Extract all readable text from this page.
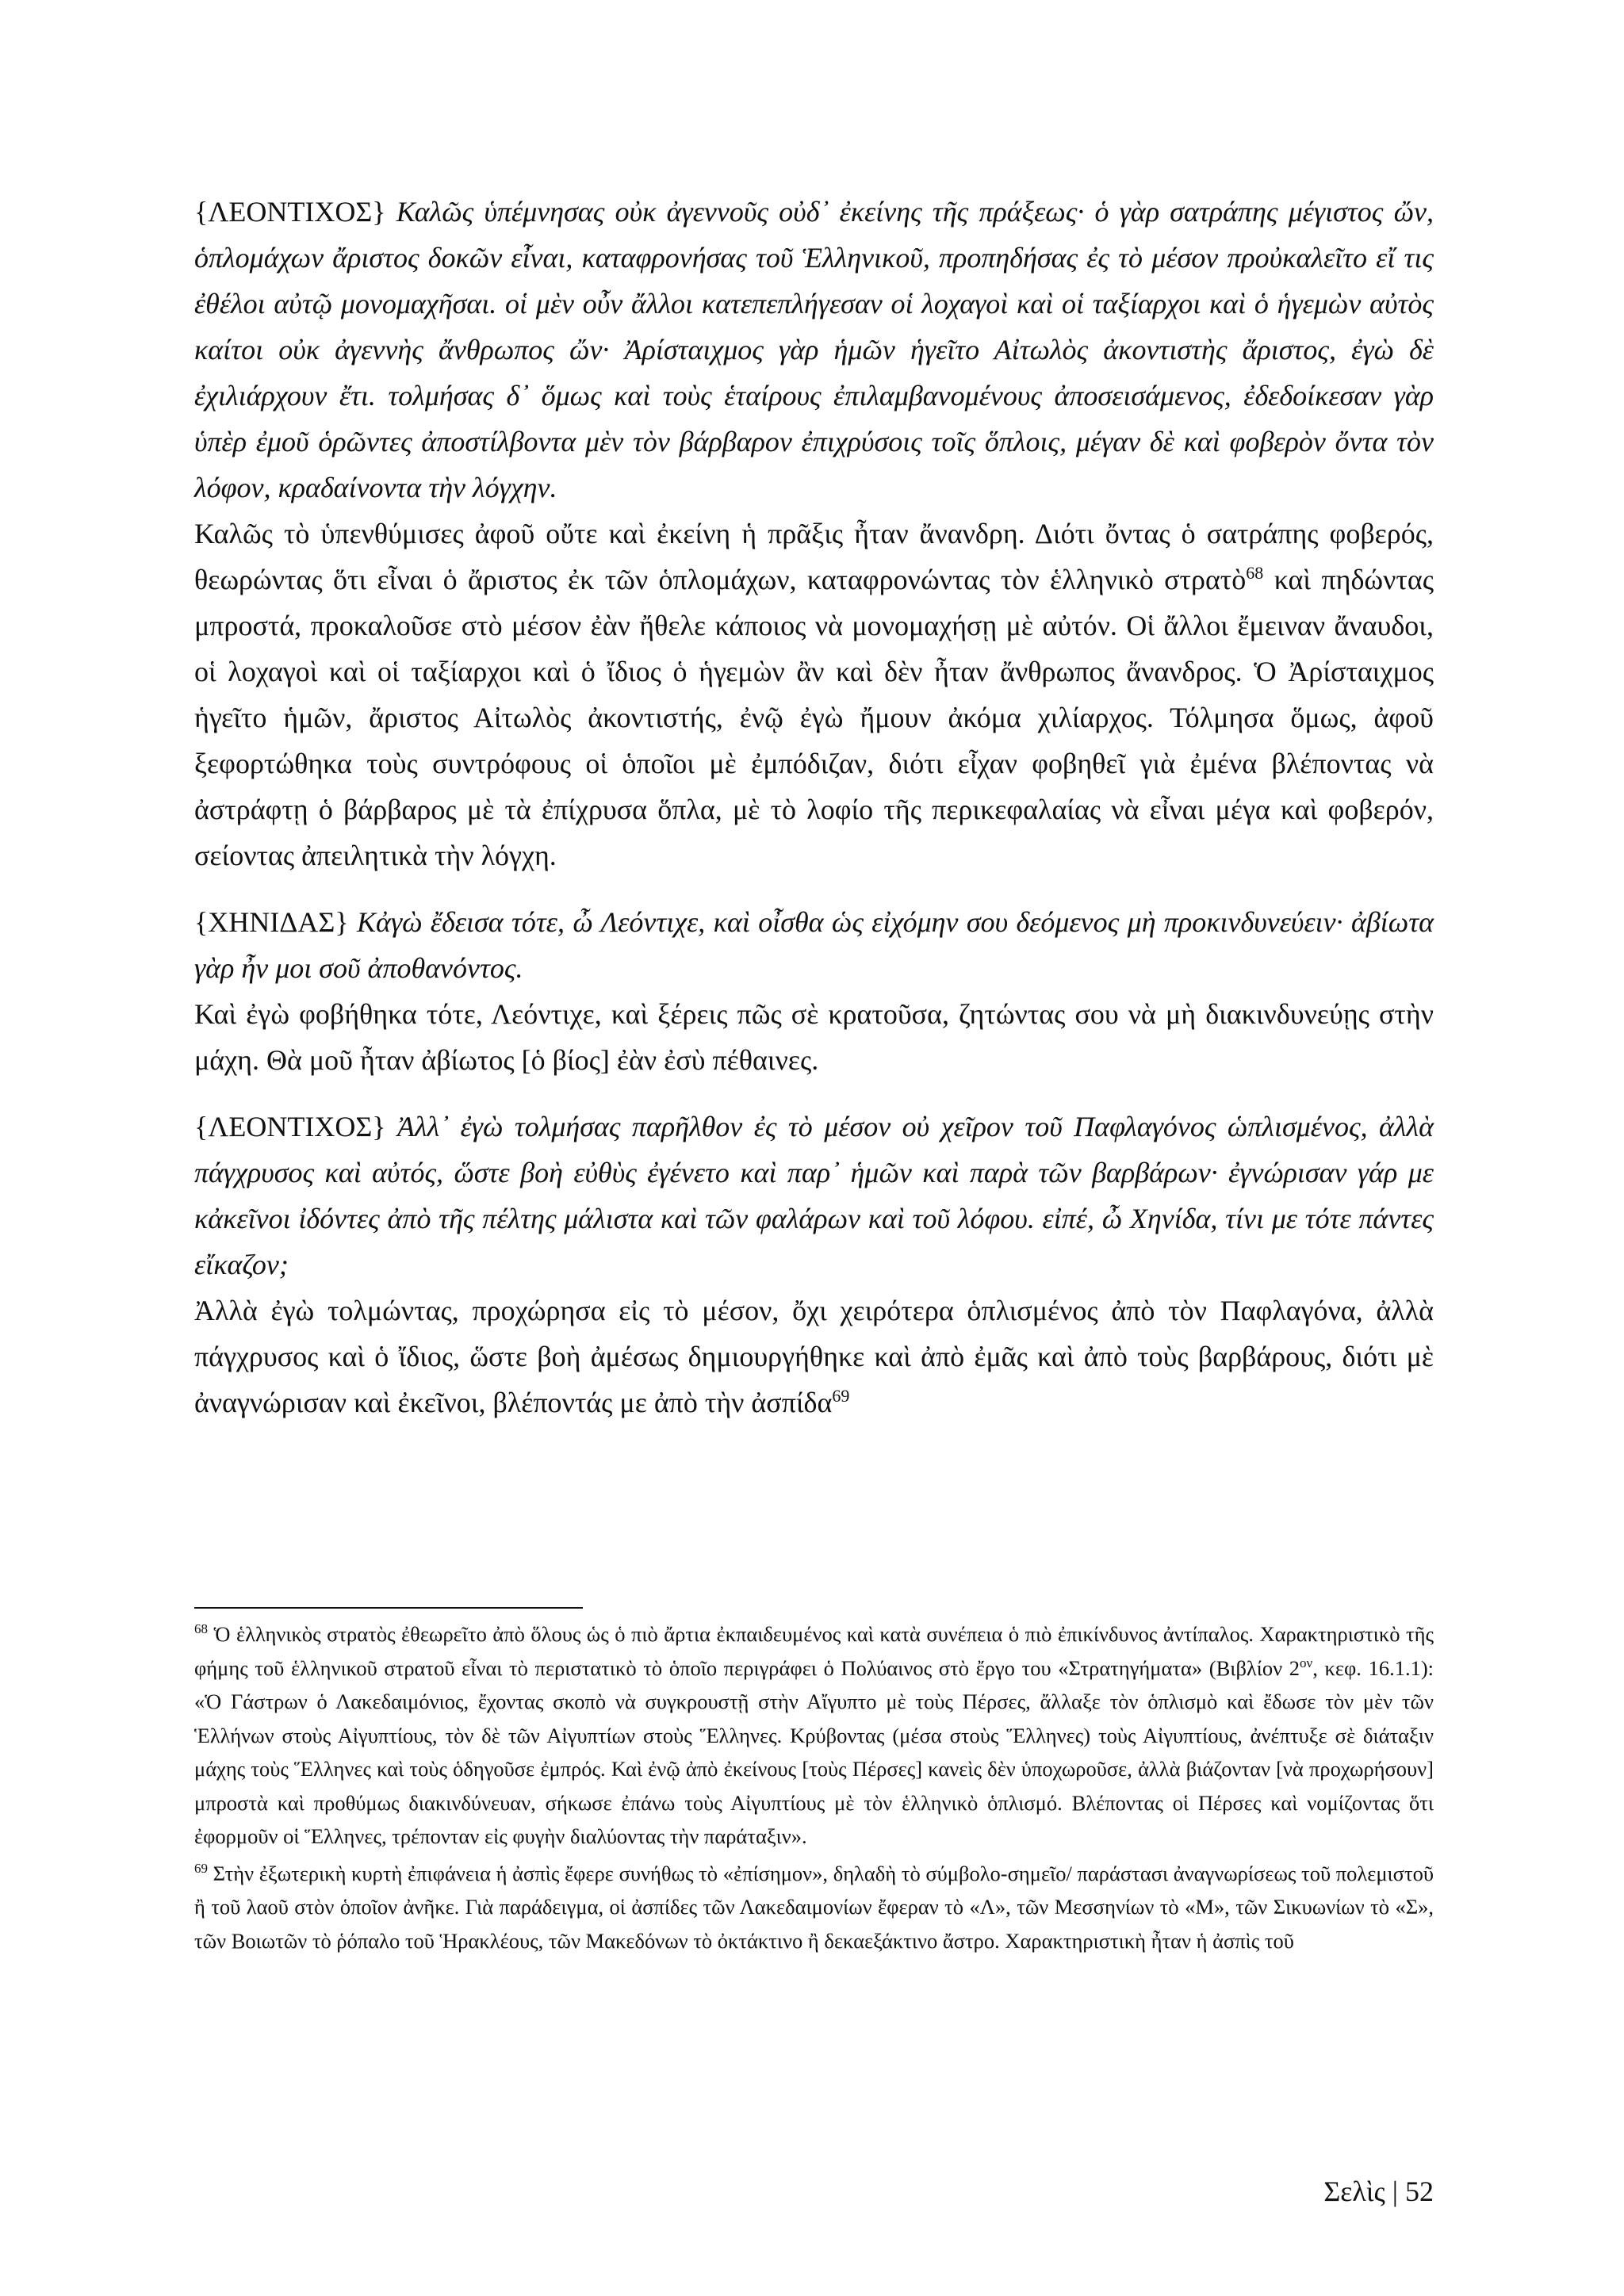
{ΛΕΟΝΤΙΧΟΣ} Καλῶς ὑπέμνησας οὐκ ἀγεννοῦς οὐδ᾽ ἐκείνης τῆς πράξεως· ὁ γὰρ σατράπης μέγιστος ὤν, ὁπλομάχων ἄριστος δοκῶν εἶναι, καταφρονήσας τοῦ Ἑλληνικοῦ, προπηδήσας ἐς τὸ μέσον προὐκαλεῖτο εἴ τις ἐθέλοι αὐτῷ μονομαχῆσαι. οἱ μὲν οὖν ἄλλοι κατεπεπλήγεσαν οἱ λοχαγοὶ καὶ οἱ ταξίαρχοι καὶ ὁ ἡγεμὼν αὐτὸς καίτοι οὐκ ἀγεννὴς ἄνθρωπος ὤν· Ἀρίσταιχμος γὰρ ἡμῶν ἡγεῖτο Αἰτωλὸς ἀκοντιστὴς ἄριστος, ἐγὼ δὲ ἐχιλιάρχουν ἔτι. τολμήσας δ᾽ ὅμως καὶ τοὺς ἑταίρους ἐπιλαμβανομένους ἀποσεισάμενος, ἐδεδοίκεσαν γὰρ ὑπὲρ ἐμοῦ ὁρῶντες ἀποστίλβοντα μὲν τὸν βάρβαρον ἐπιχρύσοις τοῖς ὅπλοις, μέγαν δὲ καὶ φοβερὸν ὄντα τὸν λόφον, κραδαίνοντα τὴν λόγχην.

Καλῶς τὸ ὑπενθύμισες ἀφοῦ οὔτε καὶ ἐκείνη ἡ πρᾶξις ἦταν ἄνανδρη. Διότι ὄντας ὁ σατράπης φοβερός, θεωρώντας ὅτι εἶναι ὁ ἄριστος ἐκ τῶν ὁπλομάχων, καταφρονώντας τὸν ἑλληνικὸ στρατὸ$^{68}$ καὶ πηδώντας μπροστά, προκαλοῦσε στὸ μέσον ἐὰν ἤθελε κάποιος νὰ μονομαχήσῃ μὲ αὐτόν. Οἱ ἄλλοι ἔμειναν ἄναυδοι, οἱ λοχαγοὶ καὶ οἱ ταξίαρχοι καὶ ὁ ἴδιος ὁ ἡγεμὼν ἂν καὶ δὲν ἦταν ἄνθρωπος ἄνανδρος. Ὁ Ἀρίσταιχμος ἡγεῖτο ἡμῶν, ἄριστος Αἰτωλὸς ἀκοντιστής, ἐνῷ ἐγὼ ἤμουν ἀκόμα χιλίαρχος. Τόλμησα ὅμως, ἀφοῦ ξεφορτώθηκα τοὺς συντρόφους οἱ ὁποῖοι μὲ ἐμπόδιζαν, διότι εἶχαν φοβηθεῖ γιὰ ἐμένα βλέποντας νὰ ἀστράφτῃ ὁ βάρβαρος μὲ τὰ ἐπίχρυσα ὅπλα, μὲ τὸ λοφίο τῆς περικεφαλαίας νὰ εἶναι μέγα καὶ φοβερόν, σείοντας ἀπειλητικὰ τὴν λόγχη.

{ΧΗΝΙΔΑΣ} Κἀγὼ ἔδεισα τότε, ὦ Λεόντιχε, καὶ οἶσθα ὡς εἰχόμην σου δεόμενος μὴ προκινδυνεύειν· ἀβίωτα γὰρ ἦν μοι σοῦ ἀποθανόντος.

Καὶ ἐγὼ φοβήθηκα τότε, Λεόντιχε, καὶ ξέρεις πῶς σὲ κρατοῦσα, ζητώντας σου νὰ μὴ διακινδυνεύῃς στὴν μάχη. Θὰ μοῦ ἦταν ἀβίωτος [ὁ βίος] ἐὰν ἐσὺ πέθαινες.

{ΛΕΟΝΤΙΧΟΣ} Ἀλλ᾽ ἐγὼ τολμήσας παρῆλθον ἐς τὸ μέσον οὐ χεῖρον τοῦ Παφλαγόνος ὡπλισμένος, ἀλλὰ πάγχρυσος καὶ αὐτός, ὥστε βοὴ εὐθὺς ἐγένετο καὶ παρ᾽ ἡμῶν καὶ παρὰ τῶν βαρβάρων· ἐγνώρισαν γάρ με κἀκεῖνοι ἰδόντες ἀπὸ τῆς πέλτης μάλιστα καὶ τῶν φαλάρων καὶ τοῦ λόφου. εἰπέ, ὦ Χηνίδα, τίνι με τότε πάντες εἴκαζον;

Ἀλλὰ ἐγὼ τολμώντας, προχώρησα εἰς τὸ μέσον, ὄχι χειρότερα ὁπλισμένος ἀπὸ τὸν Παφλαγόνα, ἀλλὰ πάγχρυσος καὶ ὁ ἴδιος, ὥστε βοὴ ἀμέσως δημιουργήθηκε καὶ ἀπὸ ἐμᾶς καὶ ἀπὸ τοὺς βαρβάρους, διότι μὲ ἀναγνώρισαν καὶ ἐκεῖνοι, βλέποντάς με ἀπὸ τὴν ἀσπίδα$^{69}$

$^{68}$ Ὁ ἑλληνικὸς στρατὸς ἐθεωρεῖτο ἀπὸ ὅλους ὡς ὁ πιὸ ἄρτια ἐκπαιδευμένος καὶ κατὰ συνέπεια ὁ πιὸ ἐπικίνδυνος ἀντίπαλος. Χαρακτηριστικὸ τῆς φήμης τοῦ ἑλληνικοῦ στρατοῦ εἶναι τὸ περιστατικὸ τὸ ὁποῖο περιγράφει ὁ Πολύαινος στὸ ἔργο του «Στρατηγήματα» (Βιβλίον $2^{o\nu}$, κεφ. 16.1.1): «Ὁ Γάστρων ὁ Λακεδαιμόνιος, ἔχοντας σκοπὸ νὰ συγκρουστῇ στὴν Αἴγυπτο μὲ τοὺς Πέρσες, ἄλλαξε τὸν ὁπλισμὸ καὶ ἔδωσε τὸν μὲν τῶν Ἑλλήνων στοὺς Αἰγυπτίους, τὸν δὲ τῶν Αἰγυπτίων στοὺς Ἕλληνες. Κρύβοντας (μέσα στοὺς Ἕλληνες) τοὺς Αἰγυπτίους, ἀνέπτυξε σὲ διάταξιν μάχης τοὺς Ἕλληνες καὶ τοὺς ὁδηγοῦσε ἐμπρός. Καὶ ἐνῷ ἀπὸ ἐκείνους [τοὺς Πέρσες] κανεὶς δὲν ὑποχωροῦσε, ἀλλὰ βιάζονταν [νὰ προχωρήσουν] μπροστὰ καὶ προθύμως διακινδύνευαν, σήκωσε ἐπάνω τοὺς Αἰγυπτίους μὲ τὸν ἑλληνικὸ ὁπλισμό. Βλέποντας οἱ Πέρσες καὶ νομίζοντας ὅτι ἐφορμοῦν οἱ Ἕλληνες, τρέπονταν εἰς φυγὴν διαλύοντας τὴν παράταξιν».

$^{69}$ Στὴν ἐξωτερικὴ κυρτὴ ἐπιφάνεια ἡ ἀσπὶς ἔφερε συνήθως τὸ «ἐπίσημον», δηλαδὴ τὸ σύμβολο-σημεῖο/ παράστασι ἀναγνωρίσεως τοῦ πολεμιστοῦ ἢ τοῦ λαοῦ στὸν ὁποῖον ἀνῆκε. Γιὰ παράδειγμα, οἱ ἀσπίδες τῶν Λακεδαιμονίων ἔφεραν τὸ «Λ», τῶν Μεσσηνίων τὸ «Μ», τῶν Σικυωνίων τὸ «Σ», τῶν Βοιωτῶν τὸ ῥόπαλο τοῦ Ἡρακλέους, τῶν Μακεδόνων τὸ ὀκτάκτινο ἢ δεκαεξάκτινο ἄστρο. Χαρακτηριστικὴ ἦταν ἡ ἀσπὶς τοῦ

Σελὶς | 52
